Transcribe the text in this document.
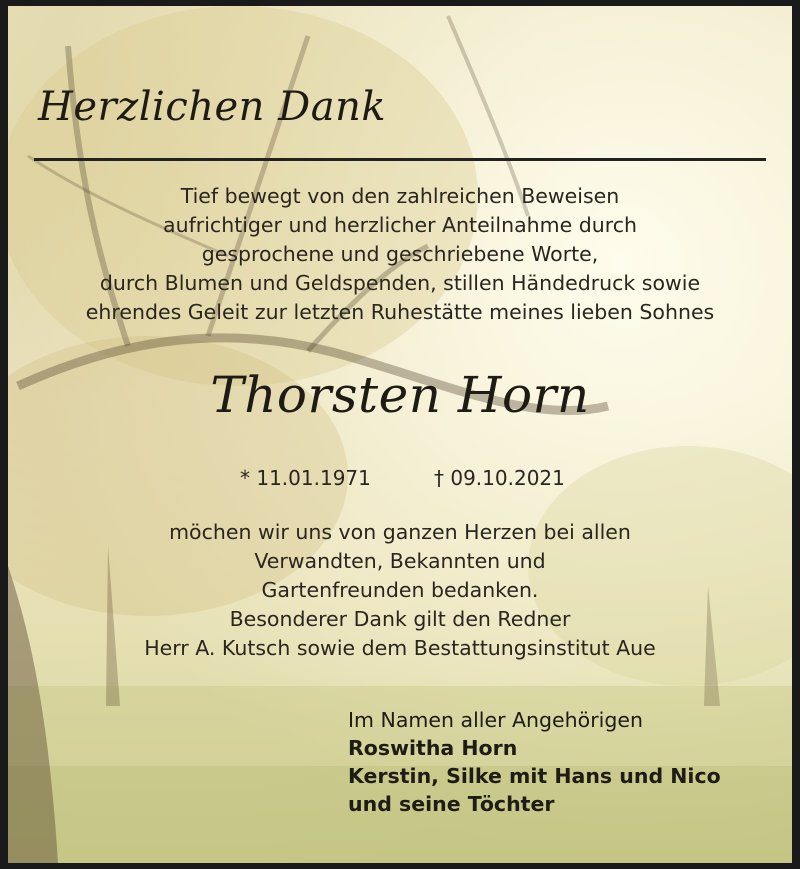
Herzlichen Dank
Tief bewegt von den zahlreichen Beweisen
aufrichtiger und herzlicher Anteilnahme durch
gesprochene und geschriebene Worte,
durch Blumen und Geldspenden, stillen Händedruck sowie
ehrendes Geleit zur letzten Ruhestätte meines lieben Sohnes
Thorsten Horn
* 11.01.1971	† 09.10.2021
möchen wir uns von ganzen Herzen bei allen
Verwandten, Bekannten und
Gartenfreunden bedanken.
Besonderer Dank gilt den Redner
Herr A. Kutsch sowie dem Bestattungsinstitut Aue
Im Namen aller Angehörigen
Roswitha Horn
Kerstin, Silke mit Hans und Nico
und seine Töchter
